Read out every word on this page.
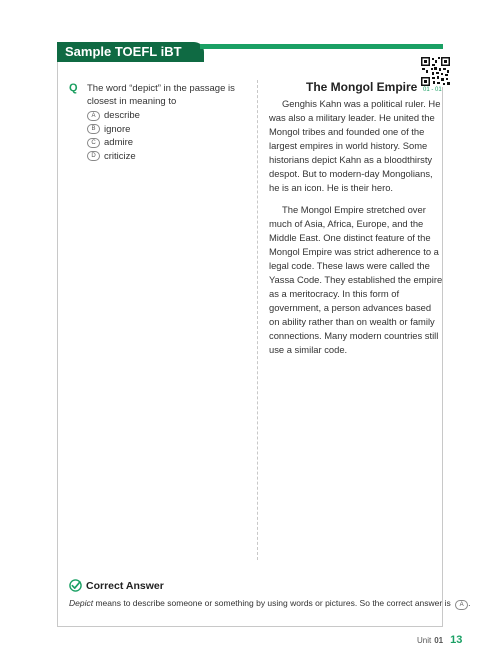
Sample TOEFL iBT Question
Q The word “depict” in the passage is closest in meaning to
A describe
B ignore
C admire
D criticize
01 - 01
The Mongol Empire

Genghis Kahn was a political ruler. He was also a military leader. He united the Mongol tribes and founded one of the largest empires in world history. Some historians depict Kahn as a bloodthirsty despot. But to modern-day Mongolians, he is an icon. He is their hero.

The Mongol Empire stretched over much of Asia, Africa, Europe, and the Middle East. One distinct feature of the Mongol Empire was strict adherence to a legal code. These laws were called the Yassa Code. They established the empire as a meritocracy. In this form of government, a person advances based on ability rather than on wealth or family connections. Many modern countries still use a similar code.

Correct Answer
Depict means to describe someone or something by using words or pictures. So the correct answer is A .
Unit 01 13
